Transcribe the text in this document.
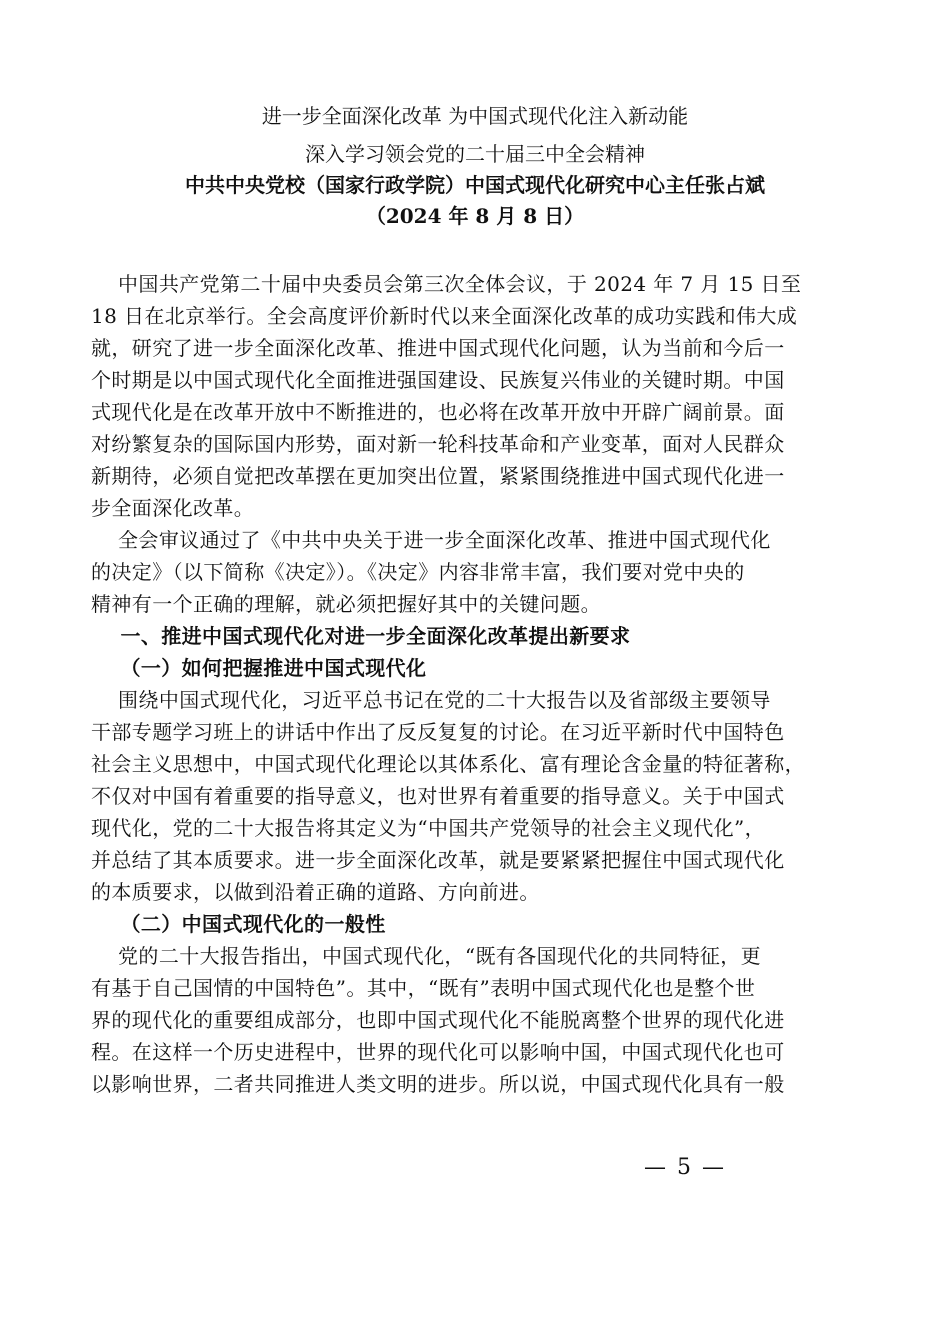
进一步全面深化改革 为中国式现代化注入新动能
深入学习领会党的二十届三中全会精神
中共中央党校（国家行政学院）中国式现代化研究中心主任张占斌
（2024 年 8 月 8 日）
中国共产党第二十届中央委员会第三次全体会议，于 2024 年 7 月 15 日至
18 日在北京举行。全会高度评价新时代以来全面深化改革的成功实践和伟大成
就，研究了进一步全面深化改革、推进中国式现代化问题，认为当前和今后一
个时期是以中国式现代化全面推进强国建设、民族复兴伟业的关键时期。中国
式现代化是在改革开放中不断推进的，也必将在改革开放中开辟广阔前景。面
对纷繁复杂的国际国内形势，面对新一轮科技革命和产业变革，面对人民群众
新期待，必须自觉把改革摆在更加突出位置，紧紧围绕推进中国式现代化进一
步全面深化改革。
全会审议通过了《中共中央关于进一步全面深化改革、推进中国式现代化
的决定》（以下简称《决定》）。《决定》内容非常丰富，我们要对党中央的
精神有一个正确的理解，就必须把握好其中的关键问题。
一、推进中国式现代化对进一步全面深化改革提出新要求
（一）如何把握推进中国式现代化
围绕中国式现代化，习近平总书记在党的二十大报告以及省部级主要领导
干部专题学习班上的讲话中作出了反反复复的讨论。在习近平新时代中国特色
社会主义思想中，中国式现代化理论以其体系化、富有理论含金量的特征著称，
不仅对中国有着重要的指导意义，也对世界有着重要的指导意义。关于中国式
现代化，党的二十大报告将其定义为“中国共产党领导的社会主义现代化”，
并总结了其本质要求。进一步全面深化改革，就是要紧紧把握住中国式现代化
的本质要求，以做到沿着正确的道路、方向前进。
（二）中国式现代化的一般性
党的二十大报告指出，中国式现代化，“既有各国现代化的共同特征，更
有基于自己国情的中国特色”。其中，“既有”表明中国式现代化也是整个世
界的现代化的重要组成部分，也即中国式现代化不能脱离整个世界的现代化进
程。在这样一个历史进程中，世界的现代化可以影响中国，中国式现代化也可
以影响世界，二者共同推进人类文明的进步。所以说，中国式现代化具有一般
— 5 —
